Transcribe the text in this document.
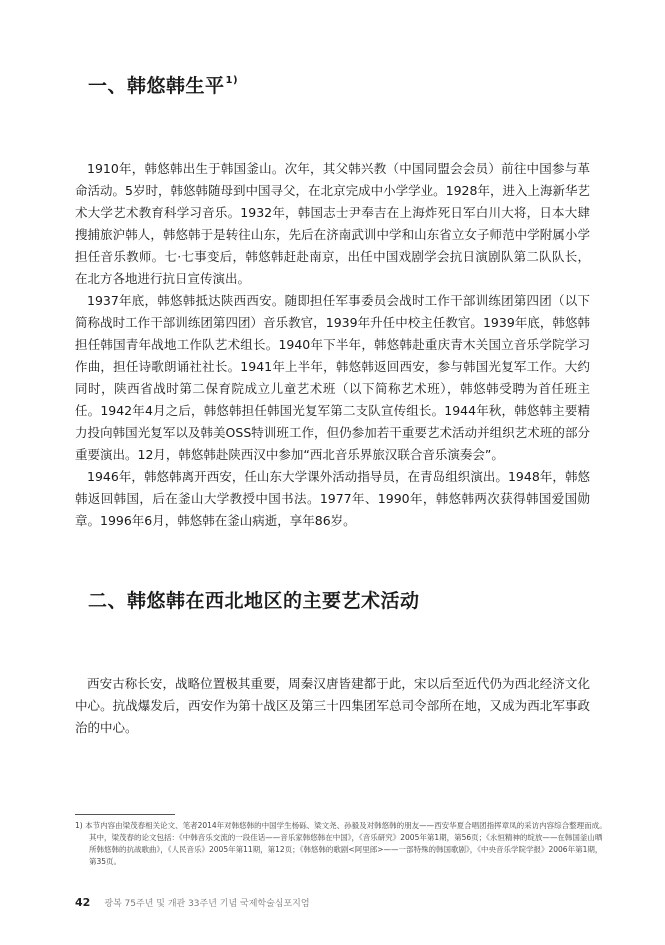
一、韩悠韩生平$^{1)}$

1910年，韩悠韩出生于韩国釜山。次年，其父韩兴教（中国同盟会会员）前往中国参与革命活动。5岁时，韩悠韩随母到中国寻父，在北京完成中小学学业。1928年，进入上海新华艺术大学艺术教育科学习音乐。1932年，韩国志士尹奉吉在上海炸死日军白川大将，日本大肆搜捕旅沪韩人，韩悠韩于是转往山东，先后在济南武训中学和山东省立女子师范中学附属小学担任音乐教师。七·七事变后，韩悠韩赶赴南京，出任中国戏剧学会抗日演剧队第二队队长，在北方各地进行抗日宣传演出。

1937年底，韩悠韩抵达陕西西安。随即担任军事委员会战时工作干部训练团第四团（以下简称战时工作干部训练团第四团）音乐教官，1939年升任中校主任教官。1939年底，韩悠韩担任韩国青年战地工作队艺术组长。1940年下半年，韩悠韩赴重庆青木关国立音乐学院学习作曲，担任诗歌朗诵社社长。1941年上半年，韩悠韩返回西安，参与韩国光复军工作。大约同时，陕西省战时第二保育院成立儿童艺术班（以下简称艺术班），韩悠韩受聘为首任班主任。1942年4月之后，韩悠韩担任韩国光复军第二支队宣传组长。1944年秋，韩悠韩主要精力投向韩国光复军以及韩美OSS特训班工作，但仍参加若干重要艺术活动并组织艺术班的部分重要演出。12月，韩悠韩赴陕西汉中参加“西北音乐界旅汉联合音乐演奏会”。

1946年，韩悠韩离开西安，任山东大学课外活动指导员，在青岛组织演出。1948年，韩悠韩返回韩国，后在釜山大学教授中国书法。1977年、1990年，韩悠韩两次获得韩国爱国勋章。1996年6月，韩悠韩在釜山病逝，享年86岁。

二、韩悠韩在西北地区的主要艺术活动

西安古称长安，战略位置极其重要，周秦汉唐皆建都于此，宋以后至近代仍为西北经济文化中心。抗战爆发后，西安作为第十战区及第三十四集团军总司令部所在地，又成为西北军事政治的中心。

1) 本节内容由梁茂春相关论文、笔者2014年对韩悠韩的中国学生杨砾、梁文尧、孙毅及对韩悠韩的朋友——西安华夏合唱团指挥章凤的采访内容综合整理而成。其中，梁茂春的论文包括：《中韩音乐交流的一段佳话——音乐家韩悠韩在中国》，《音乐研究》2005年第1期，第56页；《永恒精神的绽放——在韩国釜山晒所韩悠韩的抗战歌曲》，《人民音乐》2005年第11期，第12页；《韩悠韩的歌剧<阿里郎>——一部特殊的韩国歌剧》，《中央音乐学院学报》2006年第1期，第35页。
42 광복 75주년 및 개관 33주년 기념 국제학술심포지엄
